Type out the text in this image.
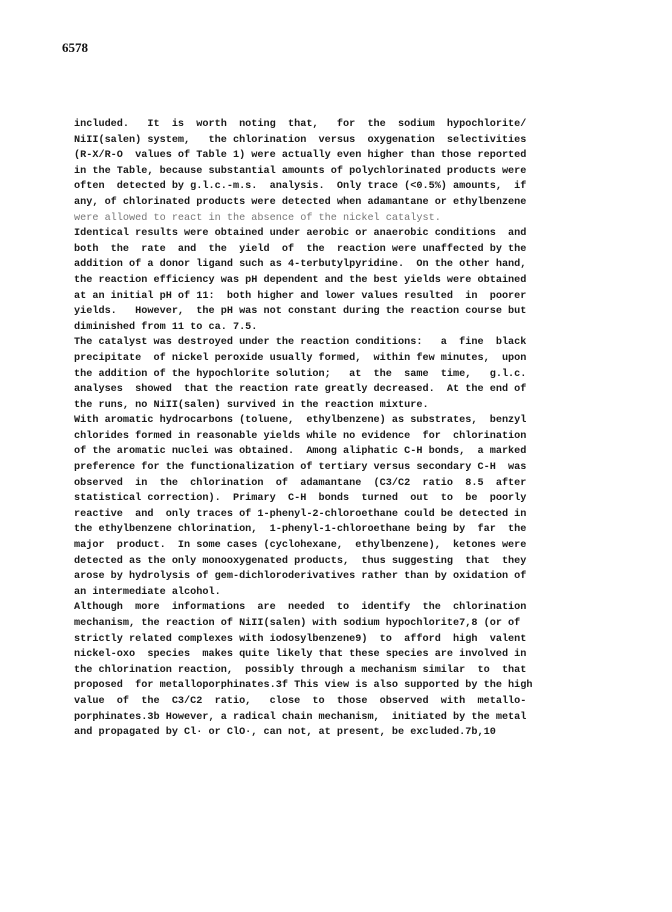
6578
included.   It  is  worth  noting  that,   for  the  sodium  hypochlorite/
NiII(salen) system,   the chlorination  versus  oxygenation  selectivities
(R-X/R-O  values of Table 1) were actually even higher than those reported
in the Table, because substantial amounts of polychlorinated products were
often  detected by g.l.c.-m.s.  analysis.  Only trace (<0.5%) amounts,  if
any, of chlorinated products were detected when adamantane or ethylbenzene
were allowed to react in the absence of the nickel catalyst.
Identical results were obtained under aerobic or anaerobic conditions  and
both  the  rate  and  the  yield  of  the  reaction were unaffected by the
addition of a donor ligand such as 4-terbutylpyridine.  On the other hand,
the reaction efficiency was pH dependent and the best yields were obtained
at an initial pH of 11:  both higher and lower values resulted  in  poorer
yields.   However,  the pH was not constant during the reaction course but
diminished from 11 to ca. 7.5.
The catalyst was destroyed under the reaction conditions:   a  fine  black
precipitate  of nickel peroxide usually formed,  within few minutes,  upon
the addition of the hypochlorite solution;   at  the  same  time,   g.l.c.
analyses  showed  that the reaction rate greatly decreased.  At the end of
the runs, no NiII(salen) survived in the reaction mixture.
With aromatic hydrocarbons (toluene,  ethylbenzene) as substrates,  benzyl
chlorides formed in reasonable yields while no evidence  for  chlorination
of the aromatic nuclei was obtained.  Among aliphatic C-H bonds,  a marked
preference for the functionalization of tertiary versus secondary C-H  was
observed  in  the  chlorination  of  adamantane  (C3/C2  ratio  8.5  after
statistical correction).  Primary  C-H  bonds  turned  out  to  be  poorly
reactive  and  only traces of 1-phenyl-2-chloroethane could be detected in
the ethylbenzene chlorination,  1-phenyl-1-chloroethane being by  far  the
major  product.  In some cases (cyclohexane,  ethylbenzene),  ketones were
detected as the only monooxygenated products,  thus suggesting  that  they
arose by hydrolysis of gem-dichloroderivatives rather than by oxidation of
an intermediate alcohol.
Although  more  informations  are  needed  to  identify  the  chlorination
mechanism, the reaction of NiII(salen) with sodium hypochlorite7,8 (or of
strictly related complexes with iodosylbenzene9)  to  afford  high  valent
nickel-oxo  species  makes quite likely that these species are involved in
the chlorination reaction,  possibly through a mechanism similar  to  that
proposed  for metalloporphinates.3f This view is also supported by the high
value  of  the  C3/C2  ratio,   close  to  those  observed  with  metallo-
porphinates.3b However, a radical chain mechanism,  initiated by the metal
and propagated by Cl· or ClO·, can not, at present, be excluded.7b,10
